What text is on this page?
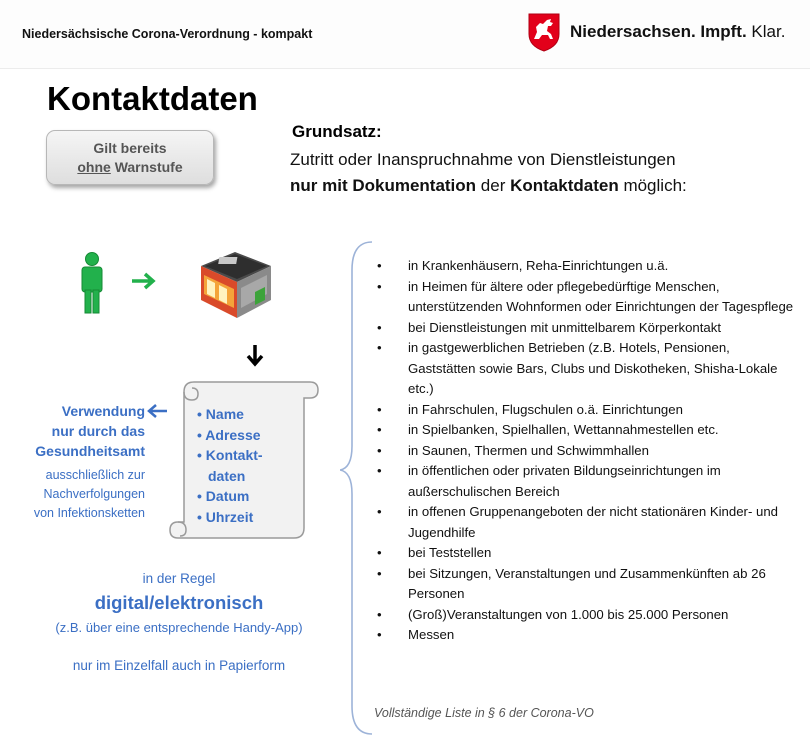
Niedersächsische Corona-Verordnung - kompakt	Niedersachsen. Impft. Klar.
Kontaktdaten
Gilt bereits
ohne Warnstufe
Grundsatz:
Zutritt oder Inanspruchnahme von Dienstleistungen
nur mit Dokumentation der Kontaktdaten möglich:
• Name
• Adresse
• Kontakt-
daten
• Datum
• Uhrzeit
Verwendung
nur durch das
Gesundheitsamt
ausschließlich zur
Nachverfolgungen
von Infektionsketten
in der Regel
digital/elektronisch
(z.B. über eine entsprechende Handy-App)
nur im Einzelfall auch in Papierform
• in Krankenhäusern, Reha-Einrichtungen u.ä.
• in Heimen für ältere oder pflegebedürftige Menschen, unterstützenden Wohnformen oder Einrichtungen der Tagespflege
• bei Dienstleistungen mit unmittelbarem Körperkontakt
• in gastgewerblichen Betrieben (z.B. Hotels, Pensionen, Gaststätten sowie Bars, Clubs und Diskotheken, Shisha-Lokale etc.)
• in Fahrschulen, Flugschulen o.ä. Einrichtungen
• in Spielbanken, Spielhallen, Wettannahmestellen etc.
• in Saunen, Thermen und Schwimmhallen
• in öffentlichen oder privaten Bildungseinrichtungen im außerschulischen Bereich
• in offenen Gruppenangeboten der nicht stationären Kinder- und Jugendhilfe
• bei Teststellen
• bei Sitzungen, Veranstaltungen und Zusammenkünften ab 26 Personen
• (Groß)Veranstaltungen von 1.000 bis 25.000 Personen
• Messen
Vollständige Liste in § 6 der Corona-VO
